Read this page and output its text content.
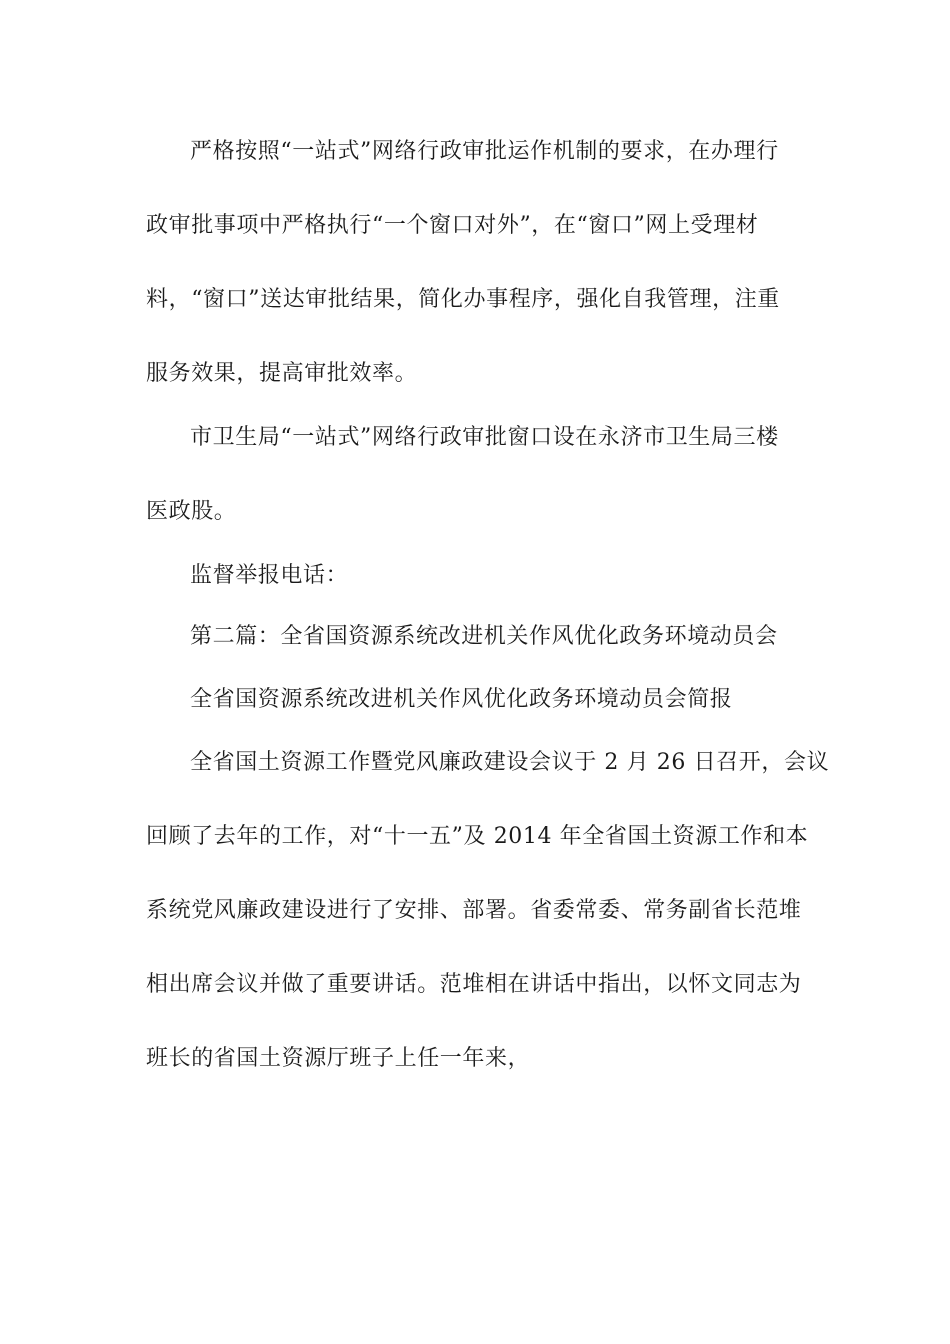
严格按照“一站式”网络行政审批运作机制的要求，在办理行
政审批事项中严格执行“一个窗口对外”，在“窗口”网上受理材
料，“窗口”送达审批结果，简化办事程序，强化自我管理，注重
服务效果，提高审批效率。
市卫生局“一站式”网络行政审批窗口设在永济市卫生局三楼
医政股。
监督举报电话：
第二篇：全省国资源系统改进机关作风优化政务环境动员会
全省国资源系统改进机关作风优化政务环境动员会简报
全省国土资源工作暨党风廉政建设会议于 2 月 26 日召开，会议
回顾了去年的工作，对“十一五”及 2014 年全省国土资源工作和本
系统党风廉政建设进行了安排、部署。省委常委、常务副省长范堆
相出席会议并做了重要讲话。范堆相在讲话中指出，以怀文同志为
班长的省国土资源厅班子上任一年来，
